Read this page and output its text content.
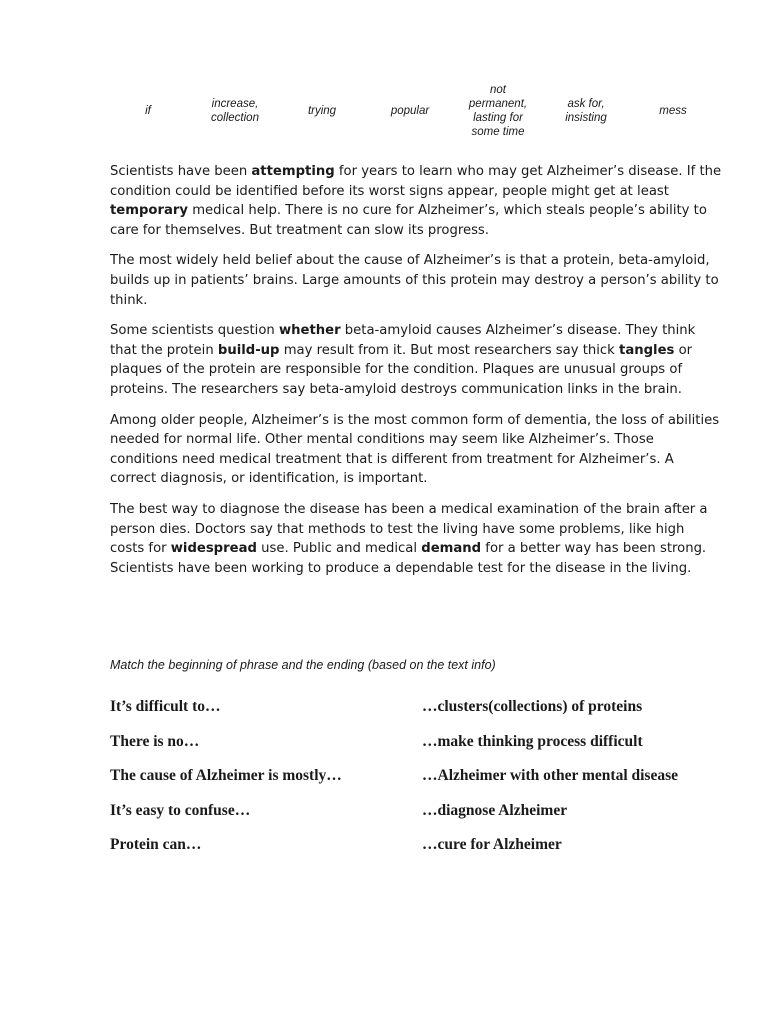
if
increase,
collection
trying	popular
not
permanent,
lasting for
some time
ask for,
insisting
mess

Scientists have been attempting for years to learn who may get Alzheimer’s disease. If the condition could be identified before its worst signs appear, people might get at least temporary medical help. There is no cure for Alzheimer’s, which steals people’s ability to care for themselves. But treatment can slow its progress.

The most widely held belief about the cause of Alzheimer’s is that a protein, beta-amyloid, builds up in patients’ brains. Large amounts of this protein may destroy a person’s ability to think.

Some scientists question whether beta-amyloid causes Alzheimer’s disease. They think that the protein build-up may result from it. But most researchers say thick tangles or plaques of the protein are responsible for the condition. Plaques are unusual groups of proteins. The researchers say beta-amyloid destroys communication links in the brain.

Among older people, Alzheimer’s is the most common form of dementia, the loss of abilities needed for normal life. Other mental conditions may seem like Alzheimer’s. Those conditions need medical treatment that is different from treatment for Alzheimer’s. A correct diagnosis, or identification, is important.

The best way to diagnose the disease has been a medical examination of the brain after a person dies. Doctors say that methods to test the living have some problems, like high costs for widespread use. Public and medical demand for a better way has been strong. Scientists have been working to produce a dependable test for the disease in the living.

Match the beginning of phrase and the ending (based on the text info)
It’s difficult to…	…clusters(collections) of proteins
There is no…	…make thinking process difficult
The cause of Alzheimer is mostly…	…Alzheimer with other mental disease
It’s easy to confuse…	…diagnose Alzheimer
Protein can…	…cure for Alzheimer
